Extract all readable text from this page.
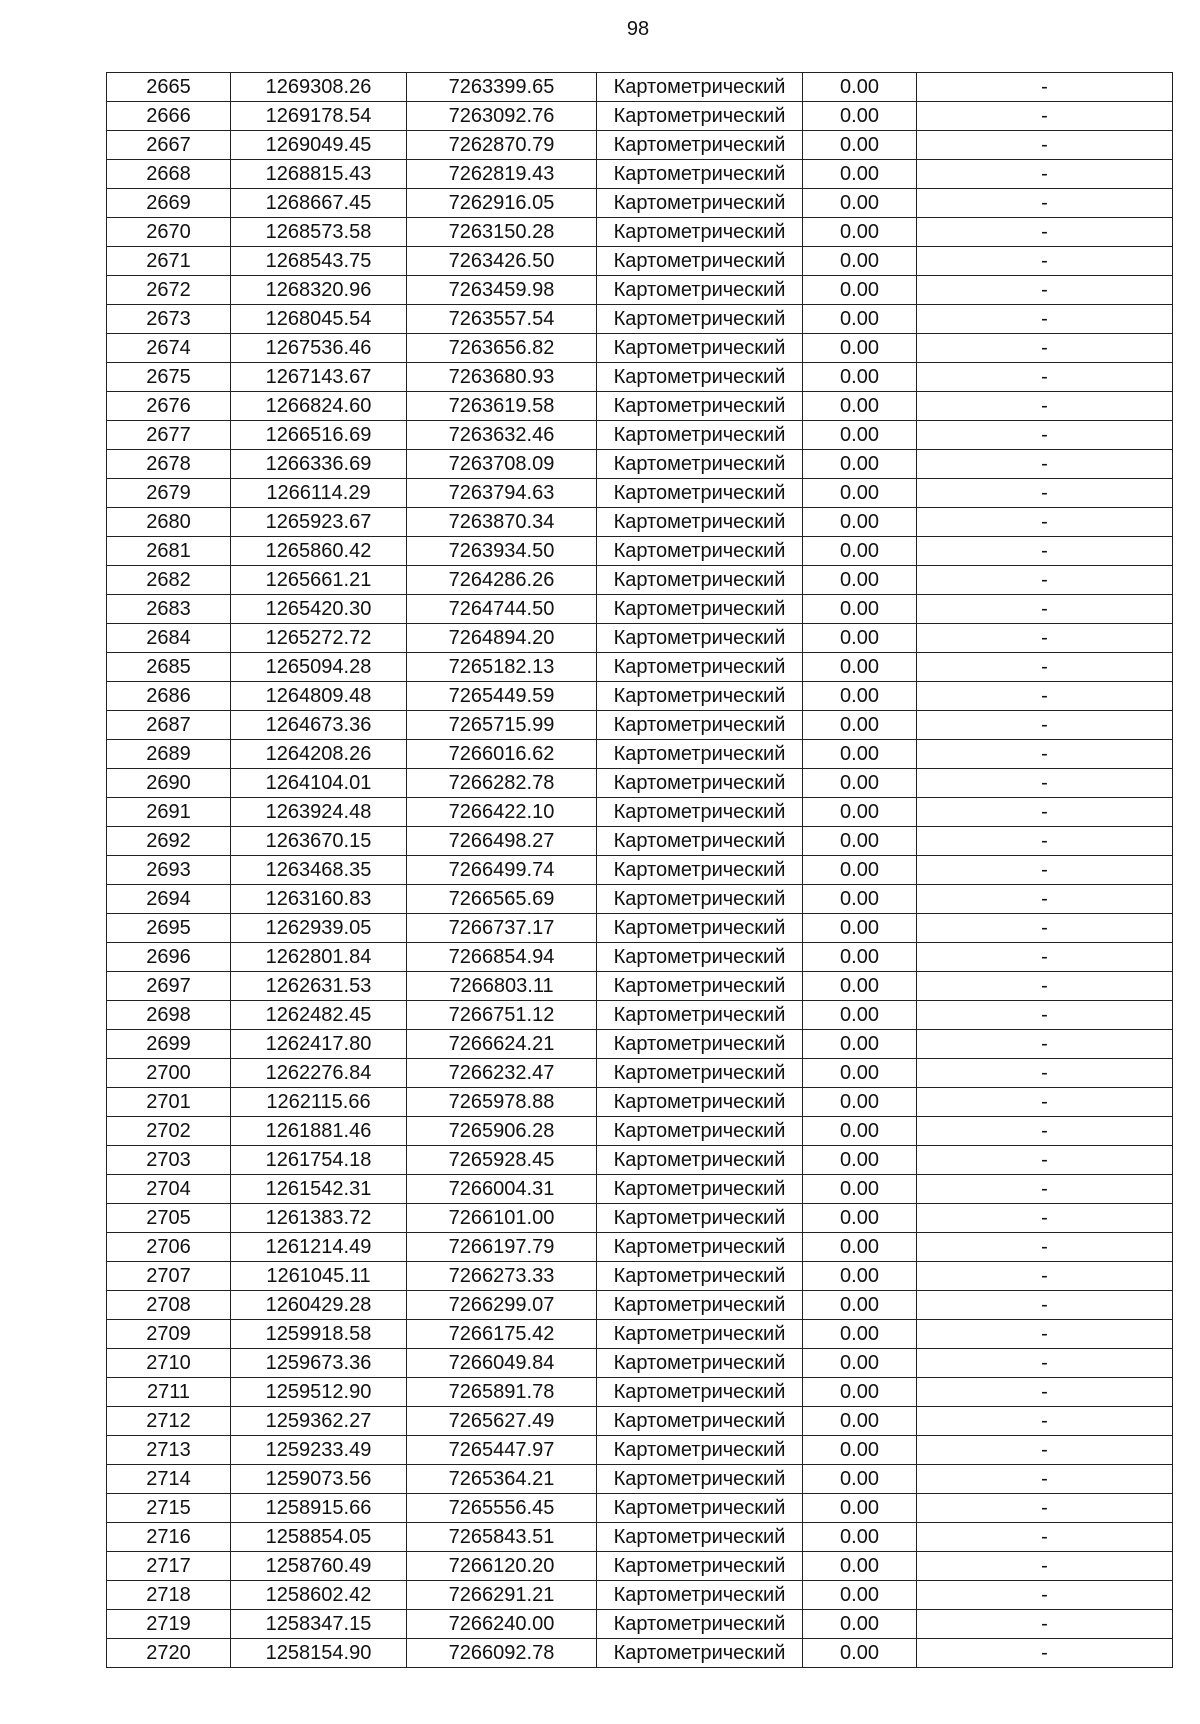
98
2665	1269308.26	7263399.65	Картометрический	0.00	-
2666	1269178.54	7263092.76	Картометрический	0.00	-
2667	1269049.45	7262870.79	Картометрический	0.00	-
2668	1268815.43	7262819.43	Картометрический	0.00	-
2669	1268667.45	7262916.05	Картометрический	0.00	-
2670	1268573.58	7263150.28	Картометрический	0.00	-
2671	1268543.75	7263426.50	Картометрический	0.00	-
2672	1268320.96	7263459.98	Картометрический	0.00	-
2673	1268045.54	7263557.54	Картометрический	0.00	-
2674	1267536.46	7263656.82	Картометрический	0.00	-
2675	1267143.67	7263680.93	Картометрический	0.00	-
2676	1266824.60	7263619.58	Картометрический	0.00	-
2677	1266516.69	7263632.46	Картометрический	0.00	-
2678	1266336.69	7263708.09	Картометрический	0.00	-
2679	1266114.29	7263794.63	Картометрический	0.00	-
2680	1265923.67	7263870.34	Картометрический	0.00	-
2681	1265860.42	7263934.50	Картометрический	0.00	-
2682	1265661.21	7264286.26	Картометрический	0.00	-
2683	1265420.30	7264744.50	Картометрический	0.00	-
2684	1265272.72	7264894.20	Картометрический	0.00	-
2685	1265094.28	7265182.13	Картометрический	0.00	-
2686	1264809.48	7265449.59	Картометрический	0.00	-
2687	1264673.36	7265715.99	Картометрический	0.00	-
2689	1264208.26	7266016.62	Картометрический	0.00	-
2690	1264104.01	7266282.78	Картометрический	0.00	-
2691	1263924.48	7266422.10	Картометрический	0.00	-
2692	1263670.15	7266498.27	Картометрический	0.00	-
2693	1263468.35	7266499.74	Картометрический	0.00	-
2694	1263160.83	7266565.69	Картометрический	0.00	-
2695	1262939.05	7266737.17	Картометрический	0.00	-
2696	1262801.84	7266854.94	Картометрический	0.00	-
2697	1262631.53	7266803.11	Картометрический	0.00	-
2698	1262482.45	7266751.12	Картометрический	0.00	-
2699	1262417.80	7266624.21	Картометрический	0.00	-
2700	1262276.84	7266232.47	Картометрический	0.00	-
2701	1262115.66	7265978.88	Картометрический	0.00	-
2702	1261881.46	7265906.28	Картометрический	0.00	-
2703	1261754.18	7265928.45	Картометрический	0.00	-
2704	1261542.31	7266004.31	Картометрический	0.00	-
2705	1261383.72	7266101.00	Картометрический	0.00	-
2706	1261214.49	7266197.79	Картометрический	0.00	-
2707	1261045.11	7266273.33	Картометрический	0.00	-
2708	1260429.28	7266299.07	Картометрический	0.00	-
2709	1259918.58	7266175.42	Картометрический	0.00	-
2710	1259673.36	7266049.84	Картометрический	0.00	-
2711	1259512.90	7265891.78	Картометрический	0.00	-
2712	1259362.27	7265627.49	Картометрический	0.00	-
2713	1259233.49	7265447.97	Картометрический	0.00	-
2714	1259073.56	7265364.21	Картометрический	0.00	-
2715	1258915.66	7265556.45	Картометрический	0.00	-
2716	1258854.05	7265843.51	Картометрический	0.00	-
2717	1258760.49	7266120.20	Картометрический	0.00	-
2718	1258602.42	7266291.21	Картометрический	0.00	-
2719	1258347.15	7266240.00	Картометрический	0.00	-
2720	1258154.90	7266092.78	Картометрический	0.00	-
